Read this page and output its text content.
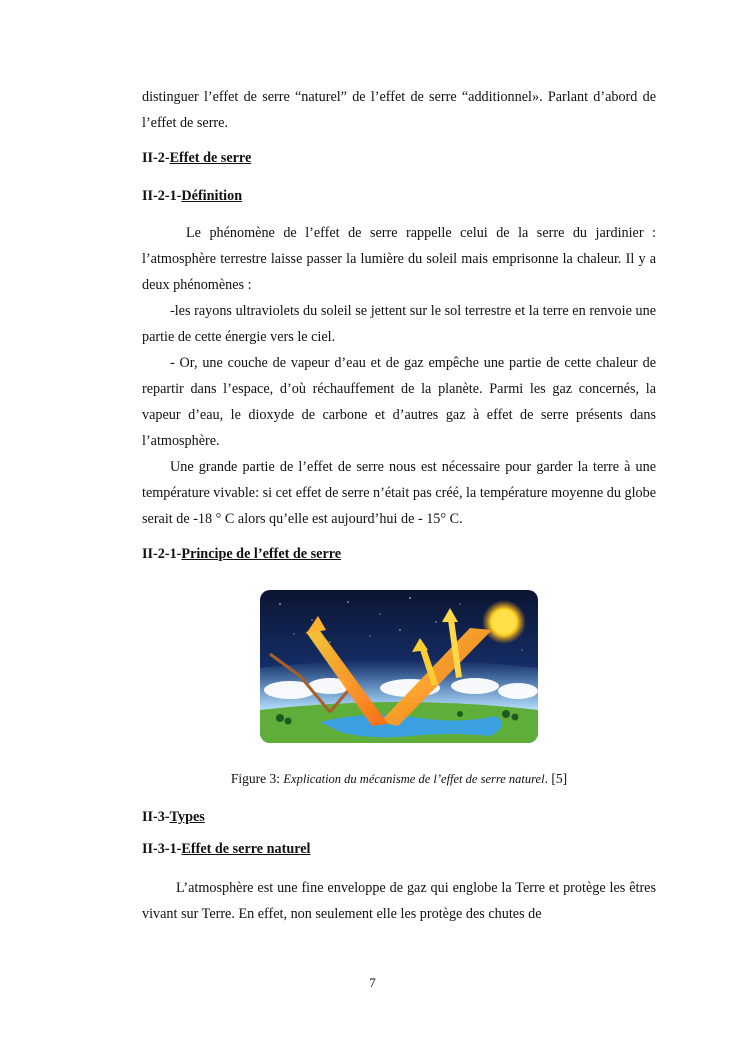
distinguer l’effet de serre “naturel” de l’effet de serre “additionnel». Parlant d’abord de l’effet de serre.

II-2-Effet de serre
II-2-1-Définition

Le phénomène de l’effet de serre rappelle celui de la serre du jardinier : l’atmosphère terrestre laisse passer la lumière du soleil mais emprisonne la chaleur. Il y a deux phénomènes :

-les rayons ultraviolets du soleil se jettent sur le sol terrestre et la terre en renvoie une partie de cette énergie vers le ciel.

- Or, une couche de vapeur d’eau et de gaz empêche une partie de cette chaleur de repartir dans l’espace, d’où réchauffement de la planète. Parmi les gaz concernés, la vapeur d’eau, le dioxyde de carbone et d’autres gaz à effet de serre présents dans l’atmosphère.

Une grande partie de l’effet de serre nous est nécessaire pour garder la terre à une température vivable: si cet effet de serre n’était pas créé, la température moyenne du globe serait de -18 ° C alors qu’elle est aujourd’hui de - 15° C.

II-2-1-Principe de l’effet de serre
Figure 3: Explication du mécanisme de l’effet de serre naturel. [5]
II-3-Types
II-3-1-Effet de serre naturel

L’atmosphère est une fine enveloppe de gaz qui englobe la Terre et protège les êtres vivant sur Terre. En effet, non seulement elle les protège des chutes de

7
